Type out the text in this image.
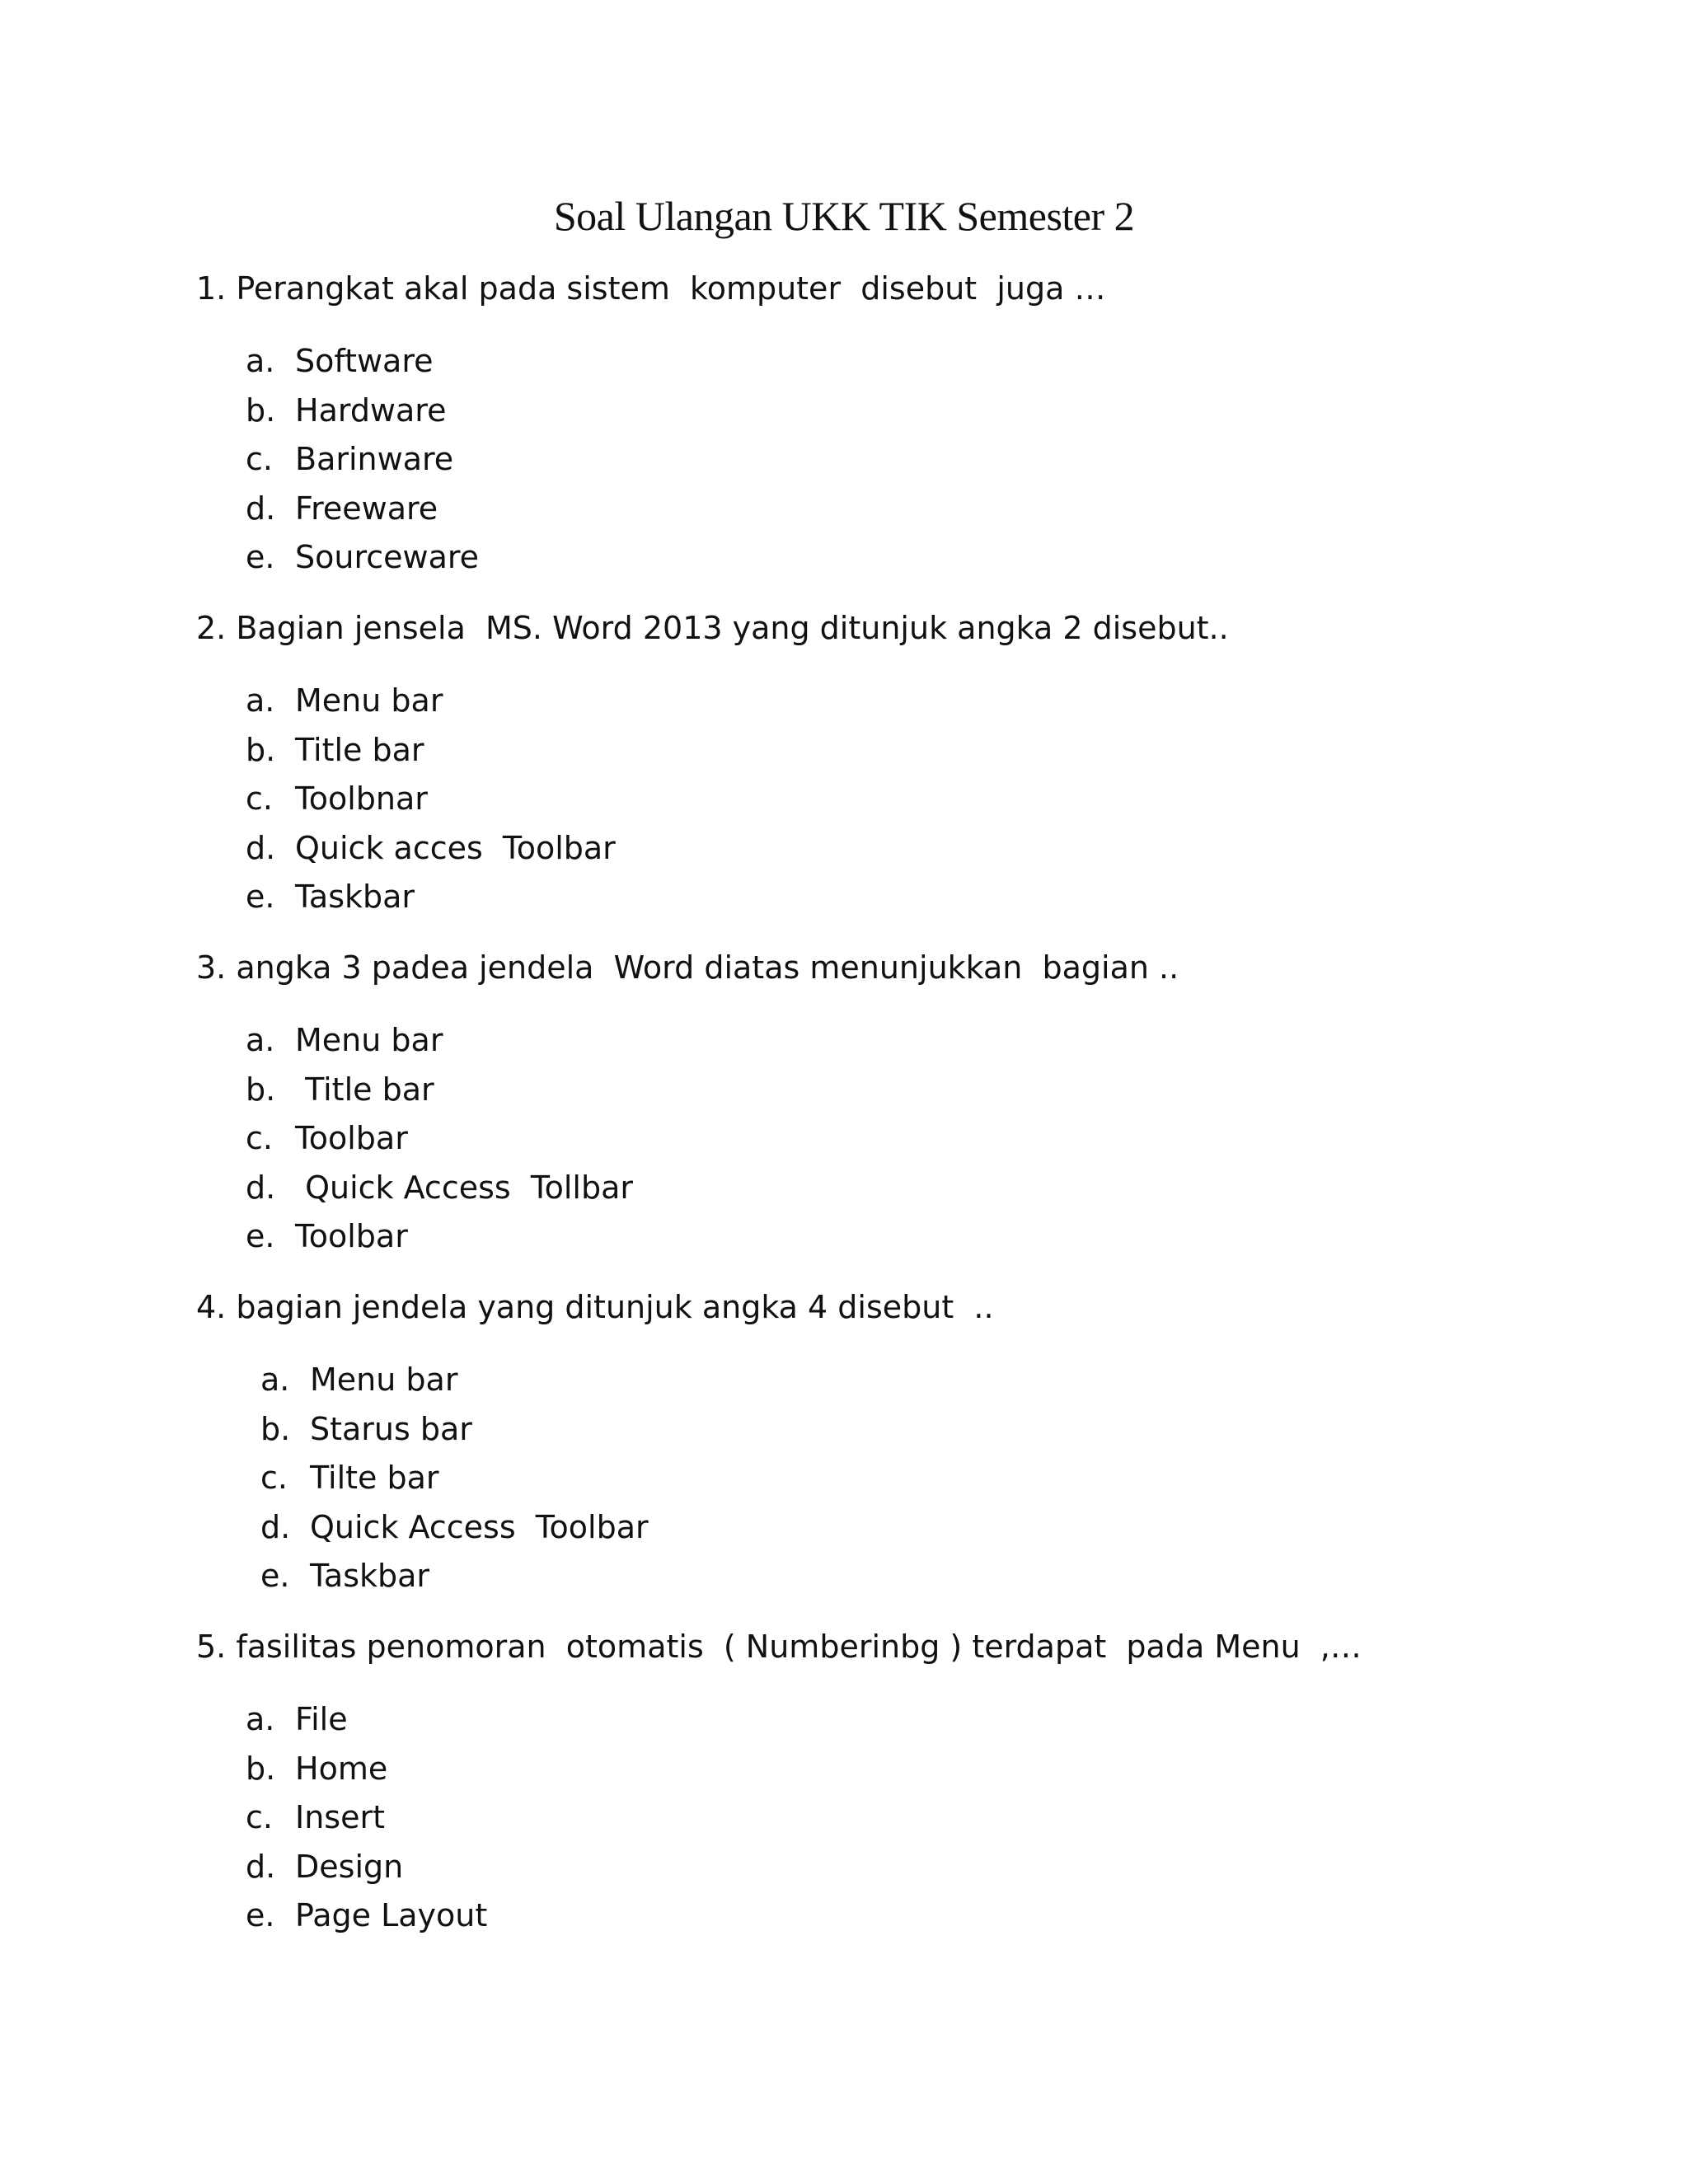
Soal Ulangan UKK TIK Semester 2
1. Perangkat akal pada sistem  komputer  disebut  juga …
a. Software
b. Hardware
c. Barinware
d. Freeware
e. Sourceware
2. Bagian jensela  MS. Word 2013 yang ditunjuk angka 2 disebut..
a. Menu bar
b. Title bar
c. Toolbnar
d. Quick acces  Toolbar
e. Taskbar
3. angka 3 padea jendela  Word diatas menunjukkan  bagian ..
a. Menu bar
b. Title bar
c. Toolbar
d. Quick Access  Tollbar
e. Toolbar
4. bagian jendela yang ditunjuk angka 4 disebut  ..
a. Menu bar
b. Starus bar
c. Tilte bar
d. Quick Access  Toolbar
e. Taskbar
5. fasilitas penomoran  otomatis  ( Numberinbg ) terdapat  pada Menu  ,…
a. File
b. Home
c. Insert
d. Design
e. Page Layout
